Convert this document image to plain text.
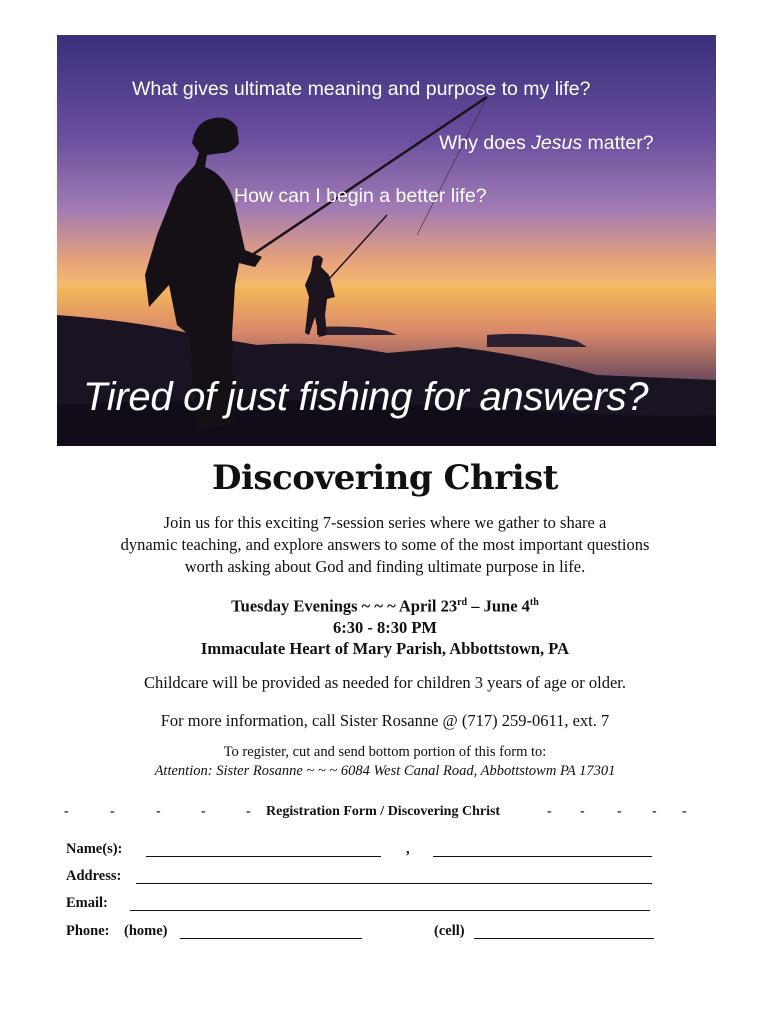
What gives ultimate meaning and purpose to my life?
Why does Jesus matter?
How can I begin a better life?
Tired of just fishing for answers?
Discovering Christ
Join us for this exciting 7-session series where we gather to share a
dynamic teaching, and explore answers to some of the most important questions
worth asking about God and finding ultimate purpose in life.
Tuesday Evenings ~ ~ ~ April 23rd – June 4th
6:30 - 8:30 PM
Immaculate Heart of Mary Parish, Abbottstown, PA
Childcare will be provided as needed for children 3 years of age or older.
For more information, call Sister Rosanne @ (717) 259-0611, ext. 7
To register, cut and send bottom portion of this form to:
Attention: Sister Rosanne ~ ~ ~ 6084 West Canal Road, Abbottstowm PA 17301
-	-	-	-	- Registration Form / Discovering Christ	- - - - -
Name(s):	,
Address:
Email:
Phone: (home)	(cell)
